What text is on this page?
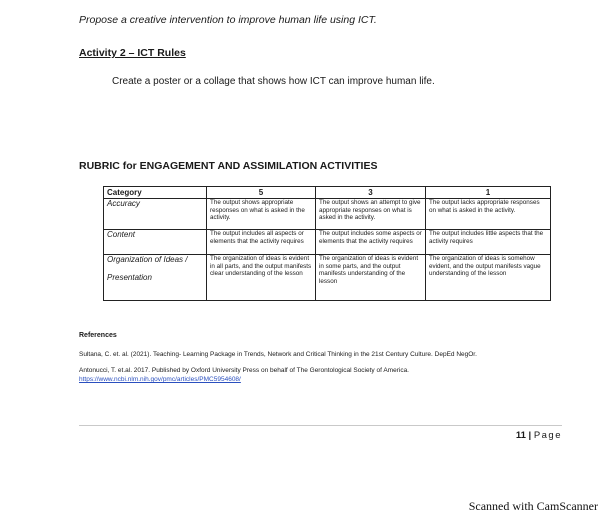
Propose a creative intervention to improve human life using ICT.
Activity 2 – ICT Rules
Create a poster or a collage that shows how ICT can improve human life.
RUBRIC for ENGAGEMENT AND ASSIMILATION ACTIVITIES
Category	5	3	1
Accuracy	The output shows appropriate responses on what is asked in the activity.	The output shows an attempt to give appropriate responses on what is asked in the activity.	The output lacks appropriate responses on what is asked in the activity.
Content	The output includes all aspects or elements that the activity requires	The output includes some aspects or elements that the activity requires	The output includes little aspects that the activity requires
Organization of Ideas /
Presentation	The organization of ideas is evident in all parts, and the output manifests clear understanding of the lesson	The organization of ideas is evident in some parts, and the output manifests understanding of the lesson	The organization of ideas is somehow evident, and the output manifests vague understanding of the lesson
References
Sultana, C. et. al. (2021). Teaching- Learning Package in Trends, Network and Critical Thinking in the 21st Century Culture. DepEd NegOr.
Antonucci, T. et.al. 2017. Published by Oxford University Press on behalf of The Gerontological Society of America.
https://www.ncbi.nlm.nih.gov/pmc/articles/PMC5954608/
11 | Page
Scanned with CamScanner
